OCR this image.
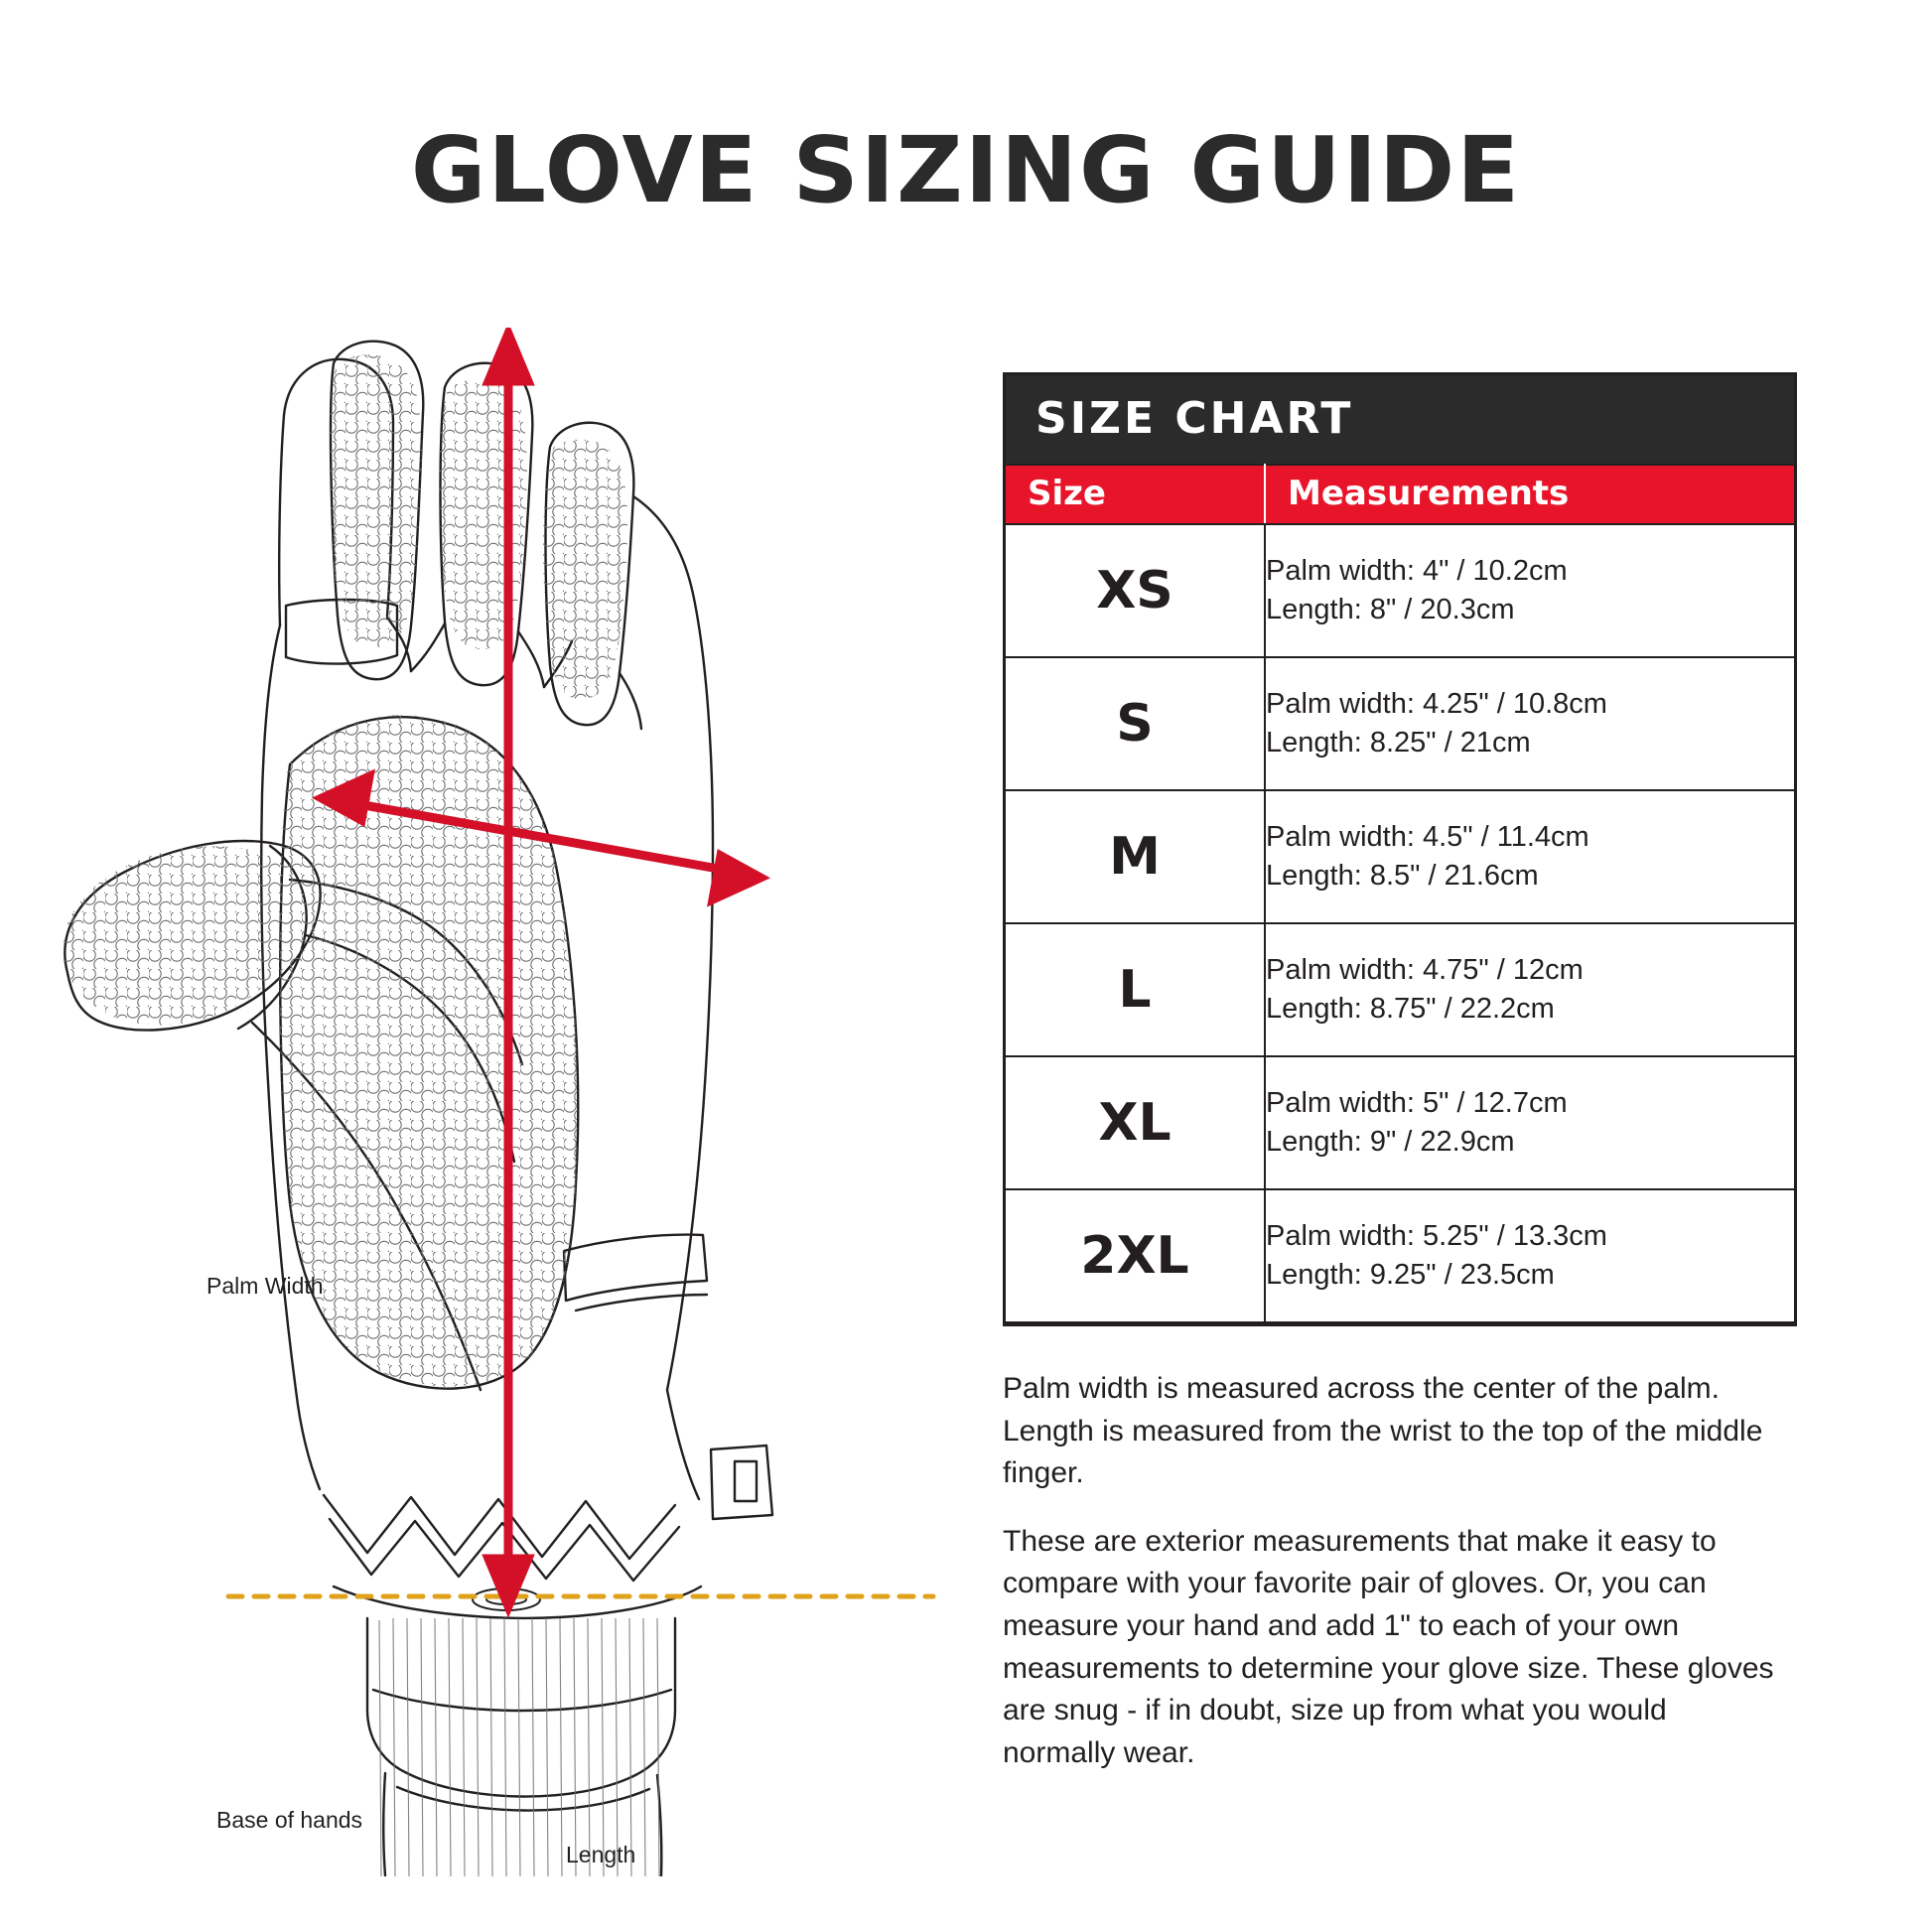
GLOVE SIZING GUIDE
Palm Width
Base of hands
Length
SIZE CHART
Size	Measurements
XS	Palm width: 4" / 10.2cm
Length: 8" / 20.3cm

S	Palm width: 4.25" / 10.8cm
Length: 8.25" / 21cm

M	Palm width: 4.5" / 11.4cm
Length: 8.5" / 21.6cm

L	Palm width: 4.75" / 12cm
Length: 8.75" / 22.2cm

XL	Palm width: 5" / 12.7cm
Length: 9" / 22.9cm

2XL	Palm width: 5.25" / 13.3cm
Length: 9.25" / 23.5cm

Palm width is measured across the center of the palm. Length is measured from the wrist to the top of the middle finger.

These are exterior measurements that make it easy to compare with your favorite pair of gloves. Or, you can measure your hand and add 1" to each of your own measurements to determine your glove size. These gloves are snug - if in doubt, size up from what you would normally wear.
